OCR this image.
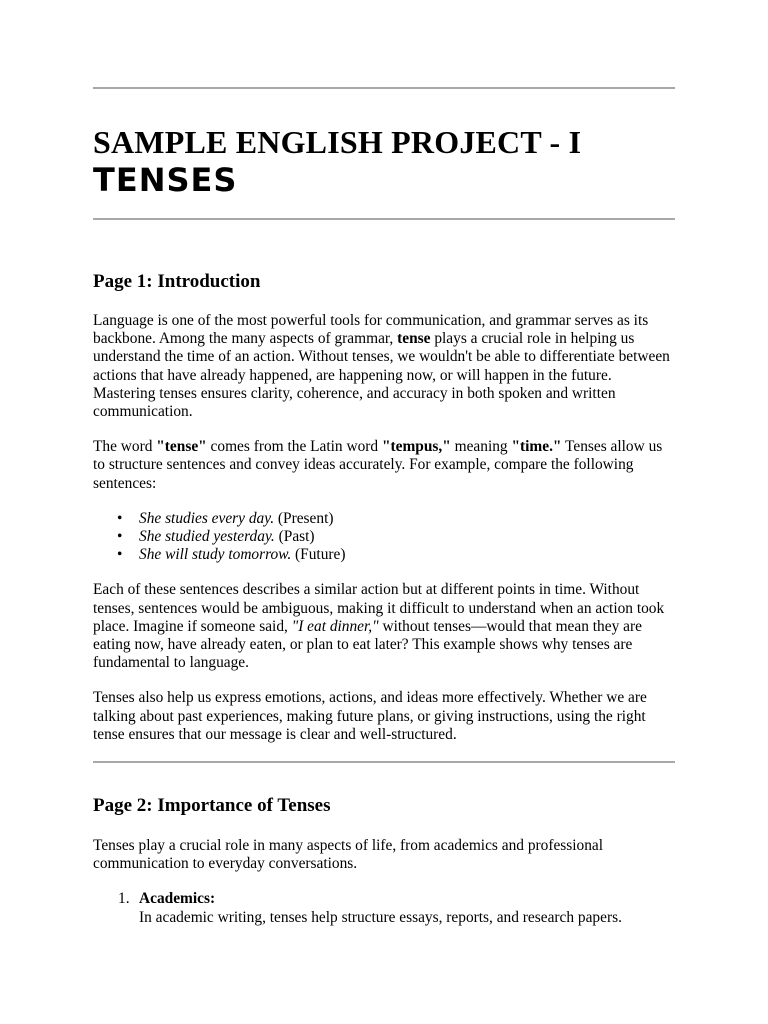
SAMPLE ENGLISH PROJECT - I
TENSES
Page 1: Introduction

Language is one of the most powerful tools for communication, and grammar serves as its backbone. Among the many aspects of grammar, tense plays a crucial role in helping us understand the time of an action. Without tenses, we wouldn't be able to differentiate between actions that have already happened, are happening now, or will happen in the future. Mastering tenses ensures clarity, coherence, and accuracy in both spoken and written communication.

The word "tense" comes from the Latin word "tempus," meaning "time." Tenses allow us to structure sentences and convey ideas accurately. For example, compare the following sentences:

• She studies every day. (Present)
• She studied yesterday. (Past)
• She will study tomorrow. (Future)

Each of these sentences describes a similar action but at different points in time. Without tenses, sentences would be ambiguous, making it difficult to understand when an action took place. Imagine if someone said, "I eat dinner," without tenses—would that mean they are eating now, have already eaten, or plan to eat later? This example shows why tenses are fundamental to language.

Tenses also help us express emotions, actions, and ideas more effectively. Whether we are talking about past experiences, making future plans, or giving instructions, using the right tense ensures that our message is clear and well-structured.

Page 2: Importance of Tenses

Tenses play a crucial role in many aspects of life, from academics and professional communication to everyday conversations.

1. Academics:
In academic writing, tenses help structure essays, reports, and research papers.
